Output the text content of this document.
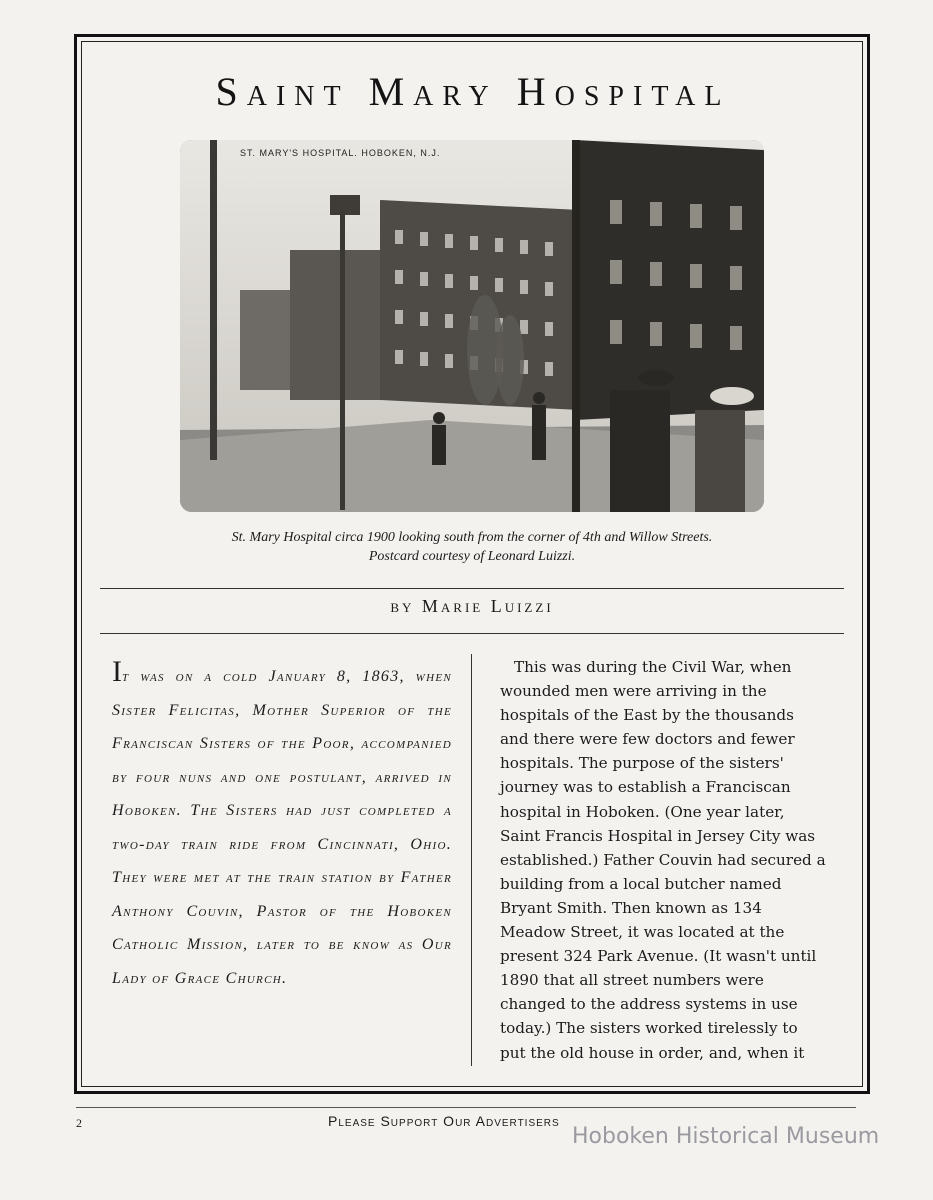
Saint Mary Hospital
ST. MARY'S HOSPITAL. HOBOKEN, N.J.
St. Mary Hospital circa 1900 looking south from the corner of 4th and Willow Streets.
Postcard courtesy of Leonard Luizzi.
by Marie Luizzi
It was on a cold January 8, 1863, when Sister Felicitas, Mother Superior of the Franciscan Sisters of the Poor, accompanied by four nuns and one postulant, arrived in Hoboken. The Sisters had just completed a two-day train ride from Cincinnati, Ohio. They were met at the train station by Father Anthony Couvin, Pastor of the Hoboken Catholic Mission, later to be know as Our Lady of Grace Church.

This was during the Civil War, when wounded men were arriving in the hospitals of the East by the thousands and there were few doctors and fewer hospitals. The purpose of the sisters' journey was to establish a Franciscan hospital in Hoboken. (One year later, Saint Francis Hospital in Jersey City was established.) Father Couvin had secured a building from a local butcher named Bryant Smith. Then known as 134 Meadow Street, it was located at the present 324 Park Avenue. (It wasn't until 1890 that all street numbers were changed to the address systems in use today.) The sisters worked tirelessly to put the old house in order, and, when it

2	Please Support Our Advertisers
Hoboken Historical Museum
